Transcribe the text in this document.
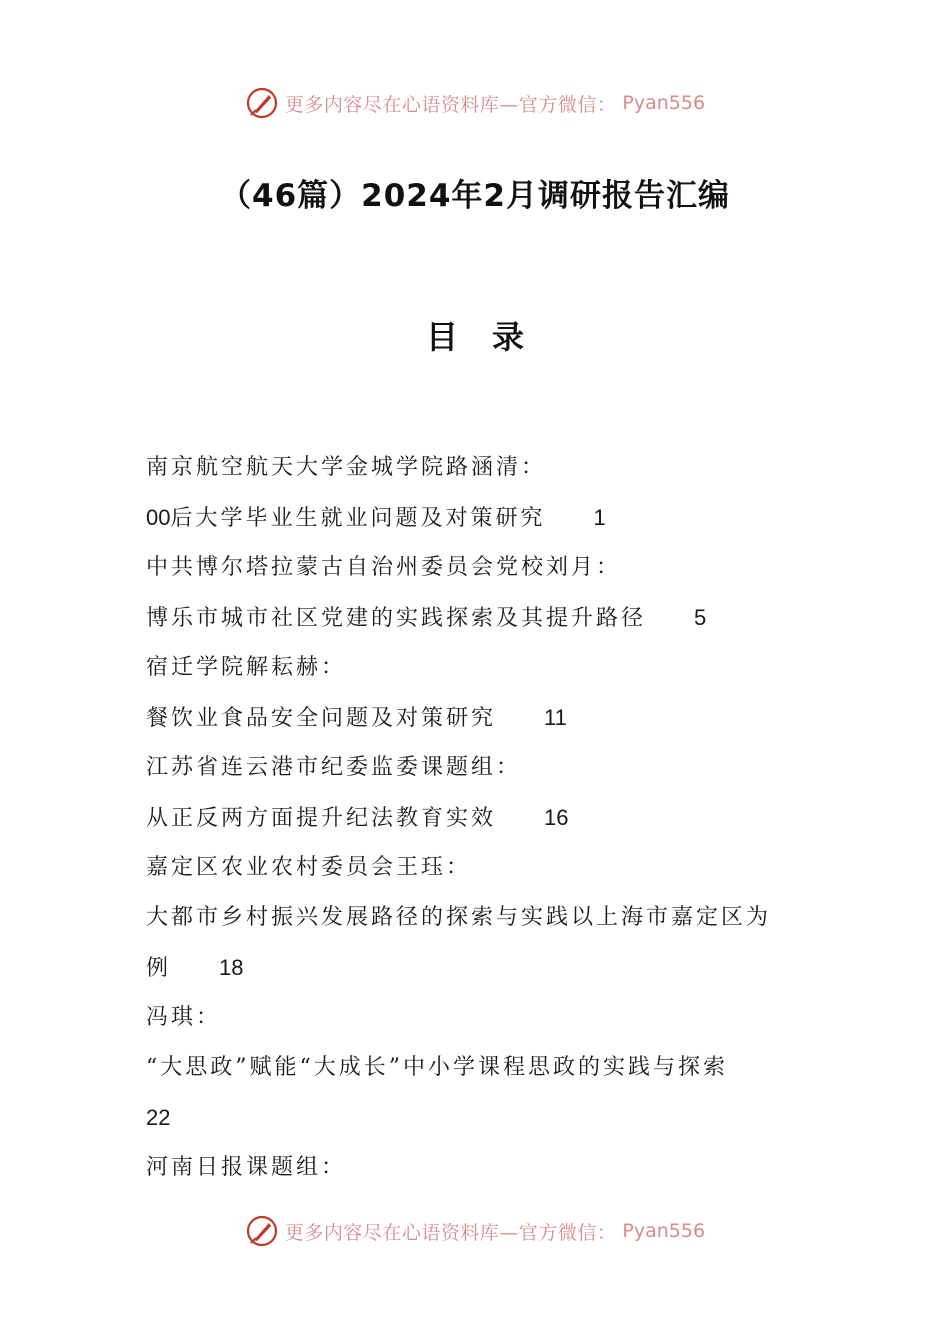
更多内容尽在心语资料库—官方微信： Pyan556
（46篇）2024年2月调研报告汇编
目录
南京航空航天大学金城学院路涵清：
00后大学毕业生就业问题及对策研究 1
中共博尔塔拉蒙古自治州委员会党校刘月：
博乐市城市社区党建的实践探索及其提升路径 5
宿迁学院解耘赫：
餐饮业食品安全问题及对策研究 11
江苏省连云港市纪委监委课题组：
从正反两方面提升纪法教育实效 16
嘉定区农业农村委员会王珏：
大都市乡村振兴发展路径的探索与实践以上海市嘉定区为
例 18
冯琪：
“大思政”赋能“大成长”中小学课程思政的实践与探索
22
河南日报课题组：
更多内容尽在心语资料库—官方微信： Pyan556
